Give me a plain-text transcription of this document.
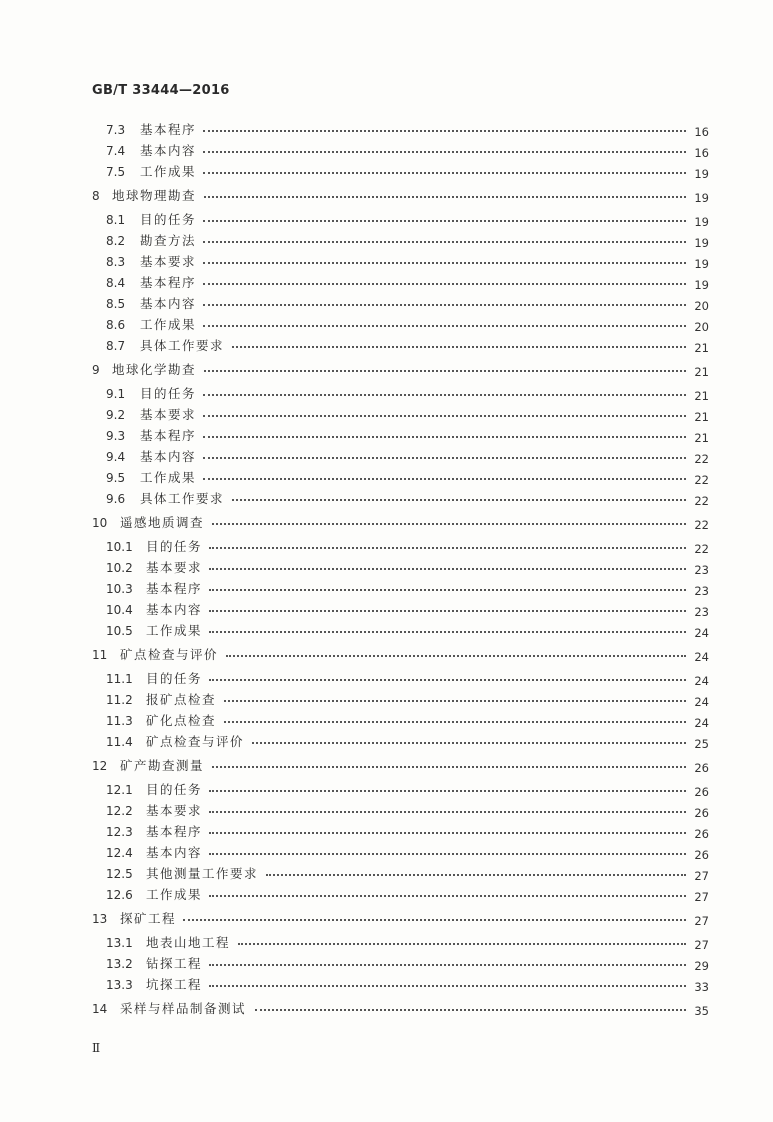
GB/T 33444—2016
7.3 基本程序	16
7.4 基本内容	16
7.5 工作成果	19
8 地球物理勘查	19
8.1 目的任务	19
8.2 勘查方法	19
8.3 基本要求	19
8.4 基本程序	19
8.5 基本内容	20
8.6 工作成果	20
8.7 具体工作要求	21
9 地球化学勘查	21
9.1 目的任务	21
9.2 基本要求	21
9.3 基本程序	21
9.4 基本内容	22
9.5 工作成果	22
9.6 具体工作要求	22
10 遥感地质调查	22
10.1 目的任务	22
10.2 基本要求	23
10.3 基本程序	23
10.4 基本内容	23
10.5 工作成果	24
11 矿点检查与评价	24
11.1 目的任务	24
11.2 报矿点检查	24
11.3 矿化点检查	24
11.4 矿点检查与评价	25
12 矿产勘查测量	26
12.1 目的任务	26
12.2 基本要求	26
12.3 基本程序	26
12.4 基本内容	26
12.5 其他测量工作要求	27
12.6 工作成果	27
13 探矿工程	27
13.1 地表山地工程	27
13.2 钻探工程	29
13.3 坑探工程	33
14 采样与样品制备测试	35
Ⅱ
